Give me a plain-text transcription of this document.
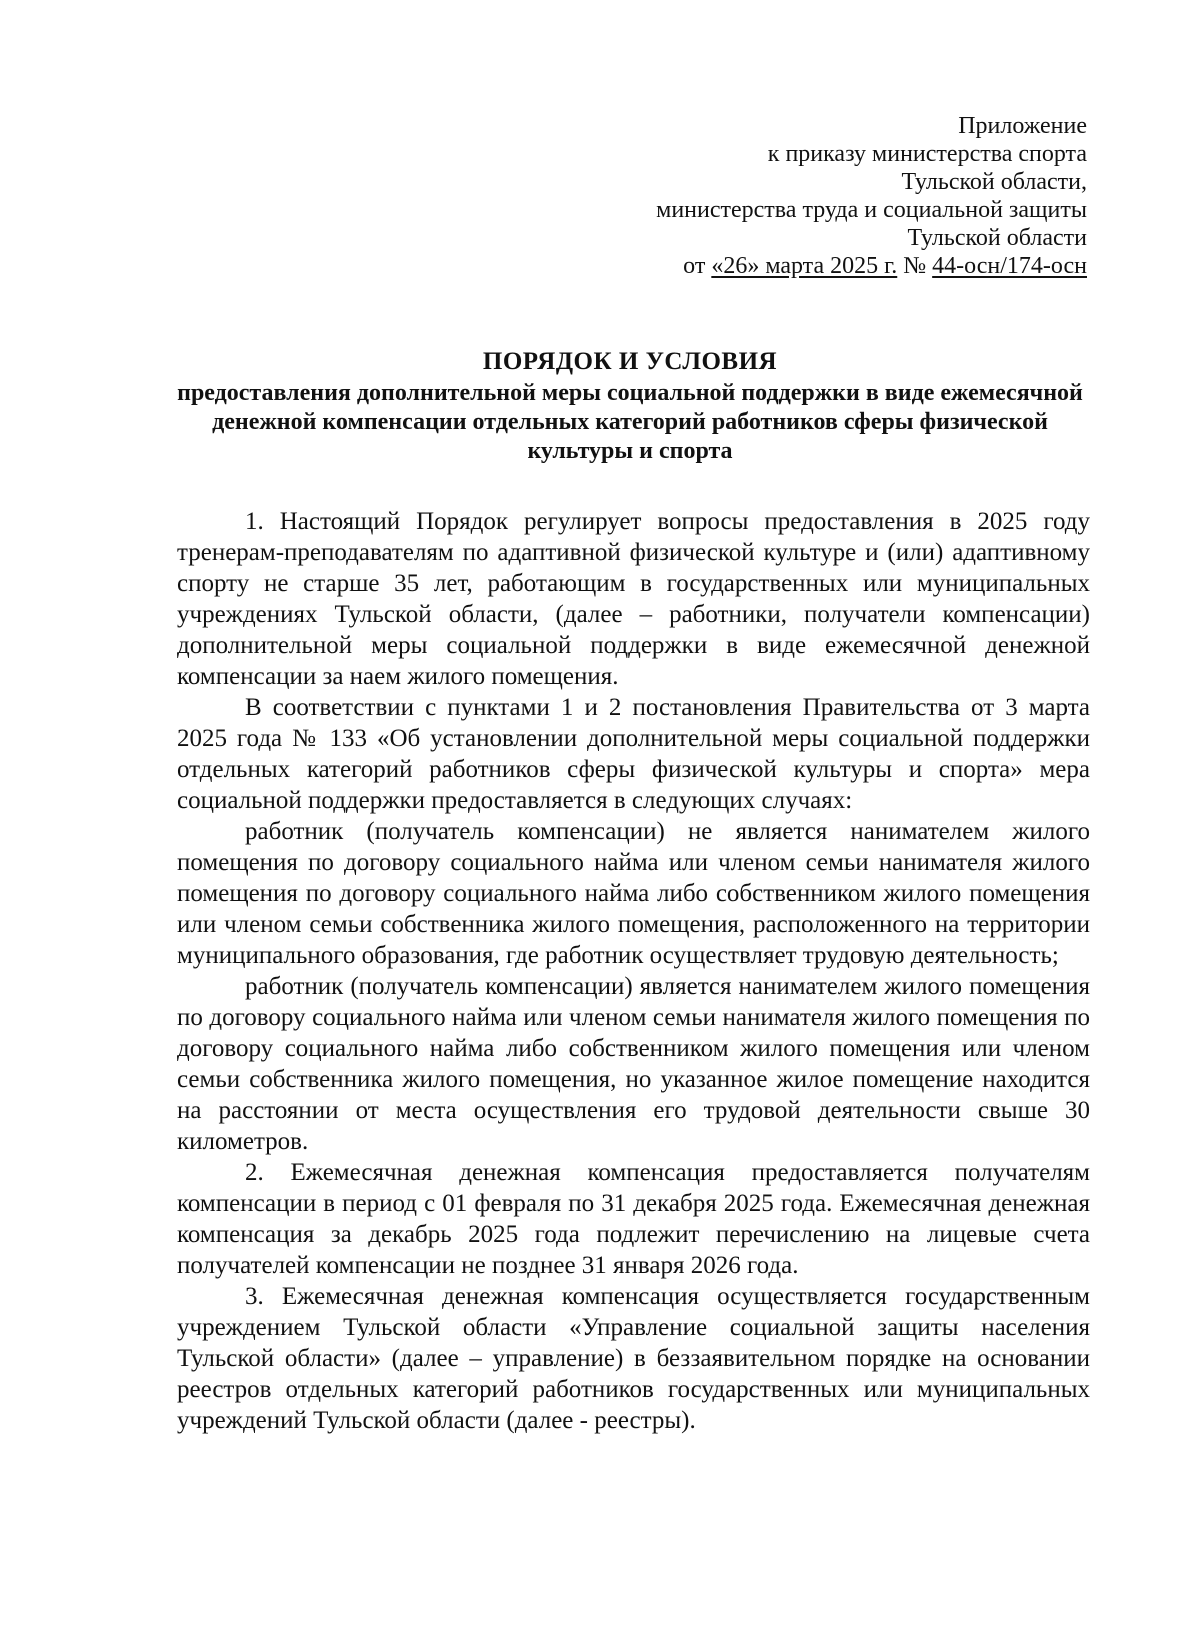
Приложение
к приказу министерства спорта
Тульской области,
министерства труда и социальной защиты
Тульской области
от «26» марта 2025 г. № 44-осн/174-осн
ПОРЯДОК И УСЛОВИЯ
предоставления дополнительной меры социальной поддержки в виде ежемесячной денежной компенсации отдельных категорий работников сферы физической культуры и спорта

1. Настоящий Порядок регулирует вопросы предоставления в 2025 году тренерам-преподавателям по адаптивной физической культуре и (или) адаптивному спорту не старше 35 лет, работающим в государственных или муниципальных учреждениях Тульской области, (далее – работники, получатели компенсации) дополнительной меры социальной поддержки в виде ежемесячной денежной компенсации за наем жилого помещения.

В соответствии с пунктами 1 и 2 постановления Правительства от 3 марта 2025 года № 133 «Об установлении дополнительной меры социальной поддержки отдельных категорий работников сферы физической культуры и спорта» мера социальной поддержки предоставляется в следующих случаях:

работник (получатель компенсации) не является нанимателем жилого помещения по договору социального найма или членом семьи нанимателя жилого помещения по договору социального найма либо собственником жилого помещения или членом семьи собственника жилого помещения, расположенного на территории муниципального образования, где работник осуществляет трудовую деятельность;

работник (получатель компенсации) является нанимателем жилого помещения по договору социального найма или членом семьи нанимателя жилого помещения по договору социального найма либо собственником жилого помещения или членом семьи собственника жилого помещения, но указанное жилое помещение находится на расстоянии от места осуществления его трудовой деятельности свыше 30 километров.

2. Ежемесячная денежная компенсация предоставляется получателям компенсации в период с 01 февраля по 31 декабря 2025 года. Ежемесячная денежная компенсация за декабрь 2025 года подлежит перечислению на лицевые счета получателей компенсации не позднее 31 января 2026 года.

3. Ежемесячная денежная компенсация осуществляется государственным учреждением Тульской области «Управление социальной защиты населения Тульской области» (далее – управление) в беззаявительном порядке на основании реестров отдельных категорий работников государственных или муниципальных учреждений Тульской области (далее - реестры).
